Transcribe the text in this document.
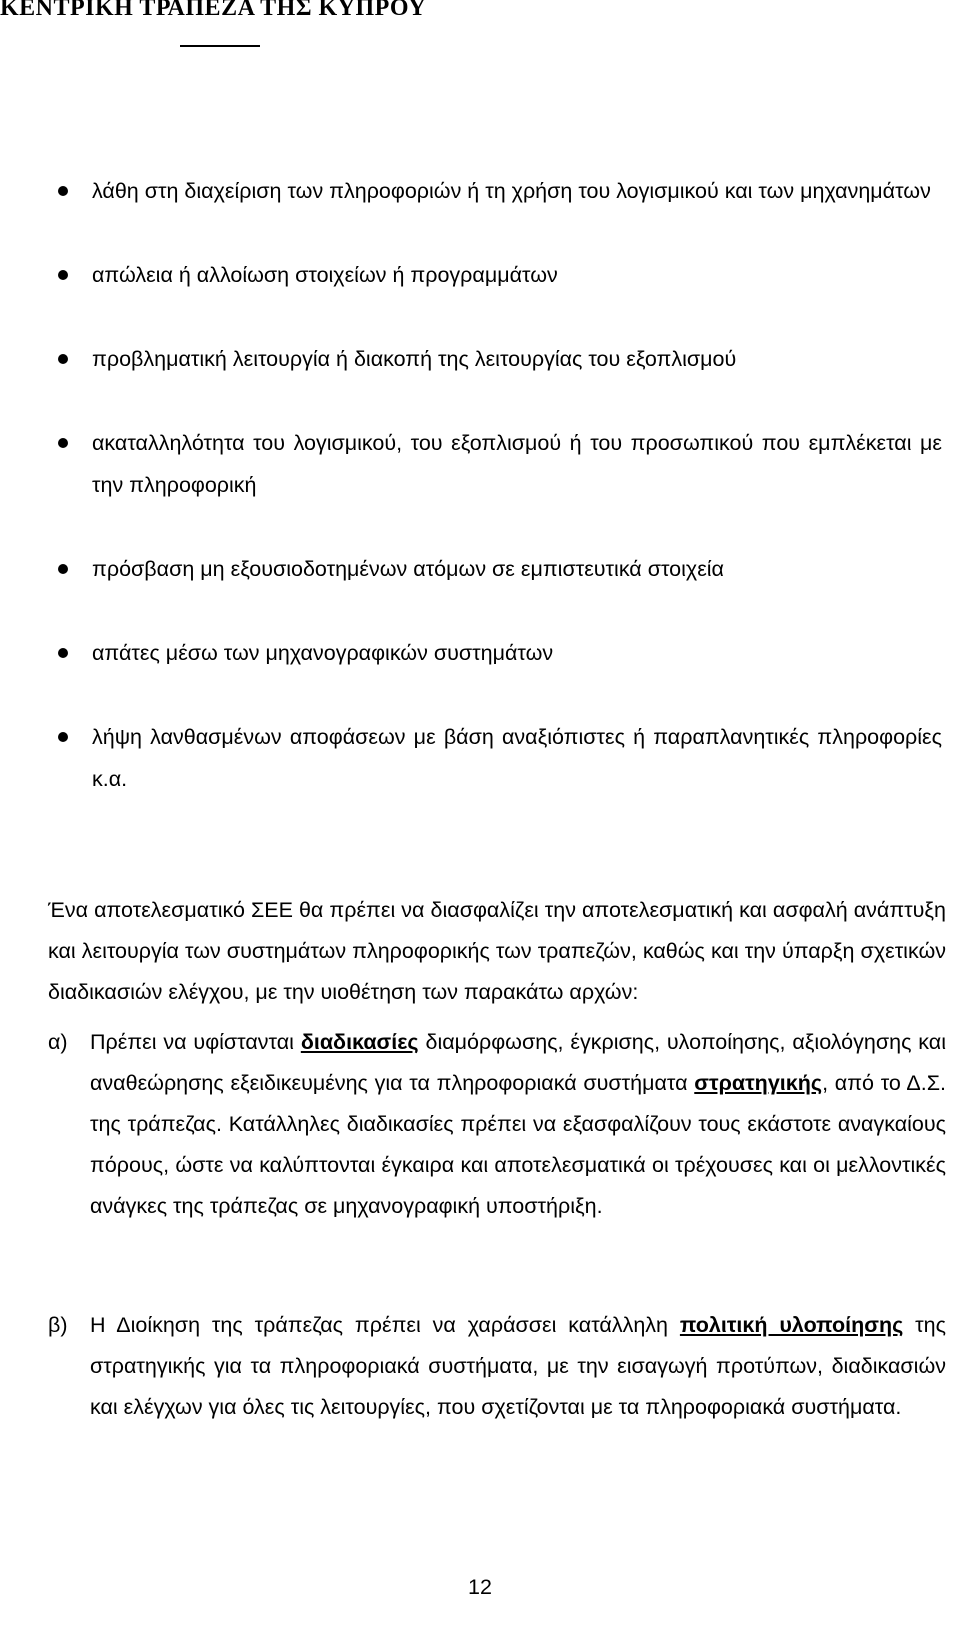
ΚΕΝΤΡΙΚΗ ΤΡΑΠΕΖΑ ΤΗΣ ΚΥΠΡΟΥ
λάθη στη διαχείριση των πληροφοριών ή τη χρήση του λογισμικού και των μηχανημάτων
απώλεια ή αλλοίωση στοιχείων ή προγραμμάτων
προβληματική λειτουργία ή διακοπή της λειτουργίας του εξοπλισμού
ακαταλληλότητα του λογισμικού, του εξοπλισμού ή του προσωπικού που εμπλέκεται με την πληροφορική
πρόσβαση μη εξουσιοδοτημένων ατόμων σε εμπιστευτικά στοιχεία
απάτες μέσω των μηχανογραφικών συστημάτων
λήψη λανθασμένων αποφάσεων με βάση αναξιόπιστες ή παραπλανητικές πληροφορίες κ.α.

Ένα αποτελεσματικό ΣΕΕ θα πρέπει να διασφαλίζει την αποτελεσματική και ασφαλή ανάπτυξη και λειτουργία των συστημάτων πληροφορικής των τραπεζών, καθώς και την ύπαρξη σχετικών διαδικασιών ελέγχου, με την υιοθέτηση των παρακάτω αρχών:

α)	Πρέπει να υφίστανται διαδικασίες διαμόρφωσης, έγκρισης, υλοποίησης, αξιολόγησης και αναθεώρησης εξειδικευμένης για τα πληροφοριακά συστήματα στρατηγικής, από το Δ.Σ. της τράπεζας. Κατάλληλες διαδικασίες πρέπει να εξασφαλίζουν τους εκάστοτε αναγκαίους πόρους, ώστε να καλύπτονται έγκαιρα και αποτελεσματικά οι τρέχουσες και οι μελλοντικές ανάγκες της τράπεζας σε μηχανογραφική υποστήριξη.
β)	Η Διοίκηση της τράπεζας πρέπει να χαράσσει κατάλληλη πολιτική υλοποίησης της στρατηγικής για τα πληροφοριακά συστήματα, με την εισαγωγή προτύπων, διαδικασιών και ελέγχων για όλες τις λειτουργίες, που σχετίζονται με τα πληροφοριακά συστήματα.
12
